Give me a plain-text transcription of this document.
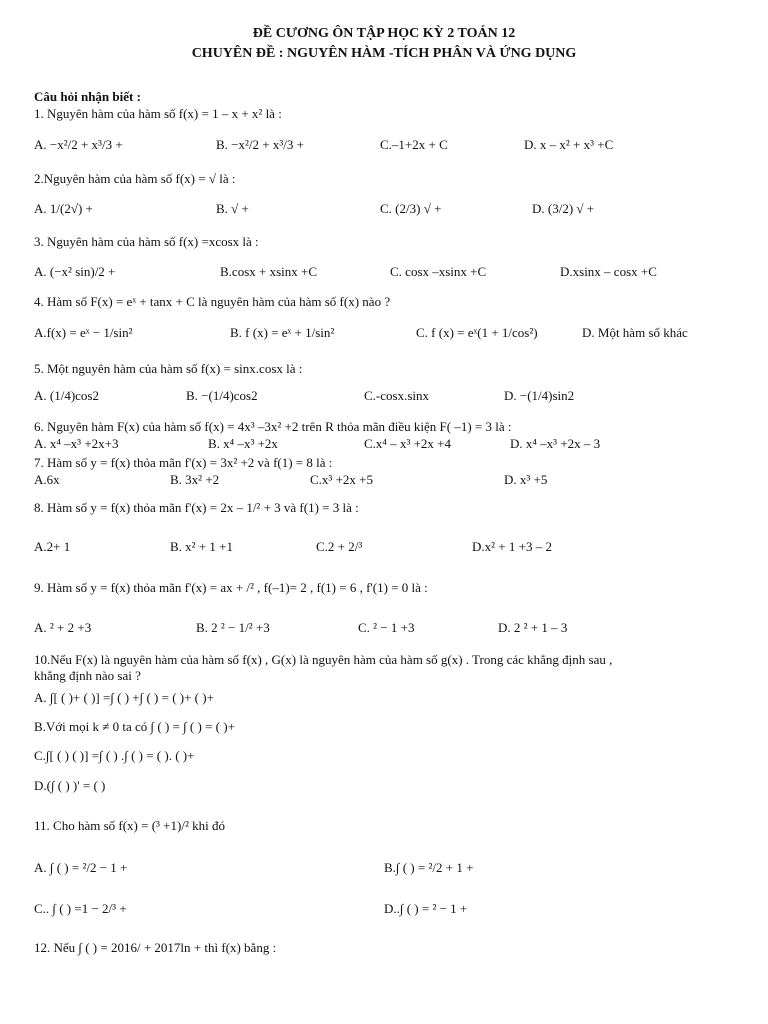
ĐỀ CƯƠNG ÔN TẬP HỌC KỲ 2 TOÁN 12
CHUYÊN ĐỀ : NGUYÊN HÀM -TÍCH PHÂN VÀ ỨNG DỤNG
Câu hỏi nhận biết :
1. Nguyên hàm của hàm số f(x) = 1 – x + x² là :
A. −x²/2 + x³/3 +	B. −x²/2 + x³/3 +	C.–1+2x + C	D. x – x² + x³ +C
2.Nguyên hàm của hàm số f(x) = √ là :
A. 1/(2√) +	B. √ +	C. (2/3) √ +	D. (3/2) √ +
3. Nguyên hàm của hàm số f(x) =xcosx là :
A. (−x² sin)/2 +	B.cosx + xsinx +C	C. cosx –xsinx +C	D.xsinx – cosx +C
4. Hàm số F(x) = eˣ + tanx + C là nguyên hàm của hàm số f(x) nào ?
A.f(x) = eˣ − 1/sin²	B. f (x) = eˣ + 1/sin²	C. f (x) = eˣ(1 + 1/cos²)	D. Một hàm số khác
5. Một nguyên hàm của hàm số f(x) = sinx.cosx là :
A. (1/4)cos2	B. −(1/4)cos2	C.-cosx.sinx	D. −(1/4)sin2
6. Nguyên hàm F(x) của hàm số f(x) = 4x³ –3x² +2 trên R thỏa mãn điều kiện F( –1) = 3 là :
A. x⁴ –x³ +2x+3	B. x⁴ –x³ +2x	C.x⁴ – x³ +2x +4	D. x⁴ –x³ +2x – 3
7. Hàm số y = f(x) thỏa mãn f'(x) = 3x² +2 và f(1) = 8 là :
A.6x	B. 3x² +2	C.x³ +2x +5	D. x³ +5
8. Hàm số y = f(x) thỏa mãn f'(x) = 2x – 1/² + 3 và f(1) = 3 là :
A.2+ 1	B. x² + 1 +1	C.2 + 2/³	D.x² + 1 +3 – 2
9. Hàm số y = f(x) thỏa mãn f'(x) = ax + /² , f(–1)= 2 , f(1) = 6 , f'(1) = 0 là :
A. ² + 2 +3	B. 2 ² − 1/² +3	C. ² − 1 +3	D. 2 ² + 1 – 3
10.Nếu F(x) là nguyên hàm của hàm số f(x) , G(x) là nguyên hàm của hàm số g(x) . Trong các khẳng định sau ,
khẳng định nào sai ?
A. ∫[ ( )+ ( )] =∫ ( ) +∫ ( ) = ( )+ ( )+
B.Với mọi k ≠ 0 ta có ∫ ( ) = ∫ ( ) = ( )+
C.∫[ ( ) ( )] =∫ ( ) .∫ ( ) = ( ). ( )+
D.(∫ ( ) )' = ( )
11. Cho hàm số f(x) = (³ +1)/² khi đó
A. ∫ ( ) = ²/2 − 1 +	B.∫ ( ) = ²/2 + 1 +
C.. ∫ ( ) =1 − 2/³ +	D..∫ ( ) = ² − 1 +
12. Nếu ∫ ( ) = 2016/ + 2017ln + thì f(x) bằng :
